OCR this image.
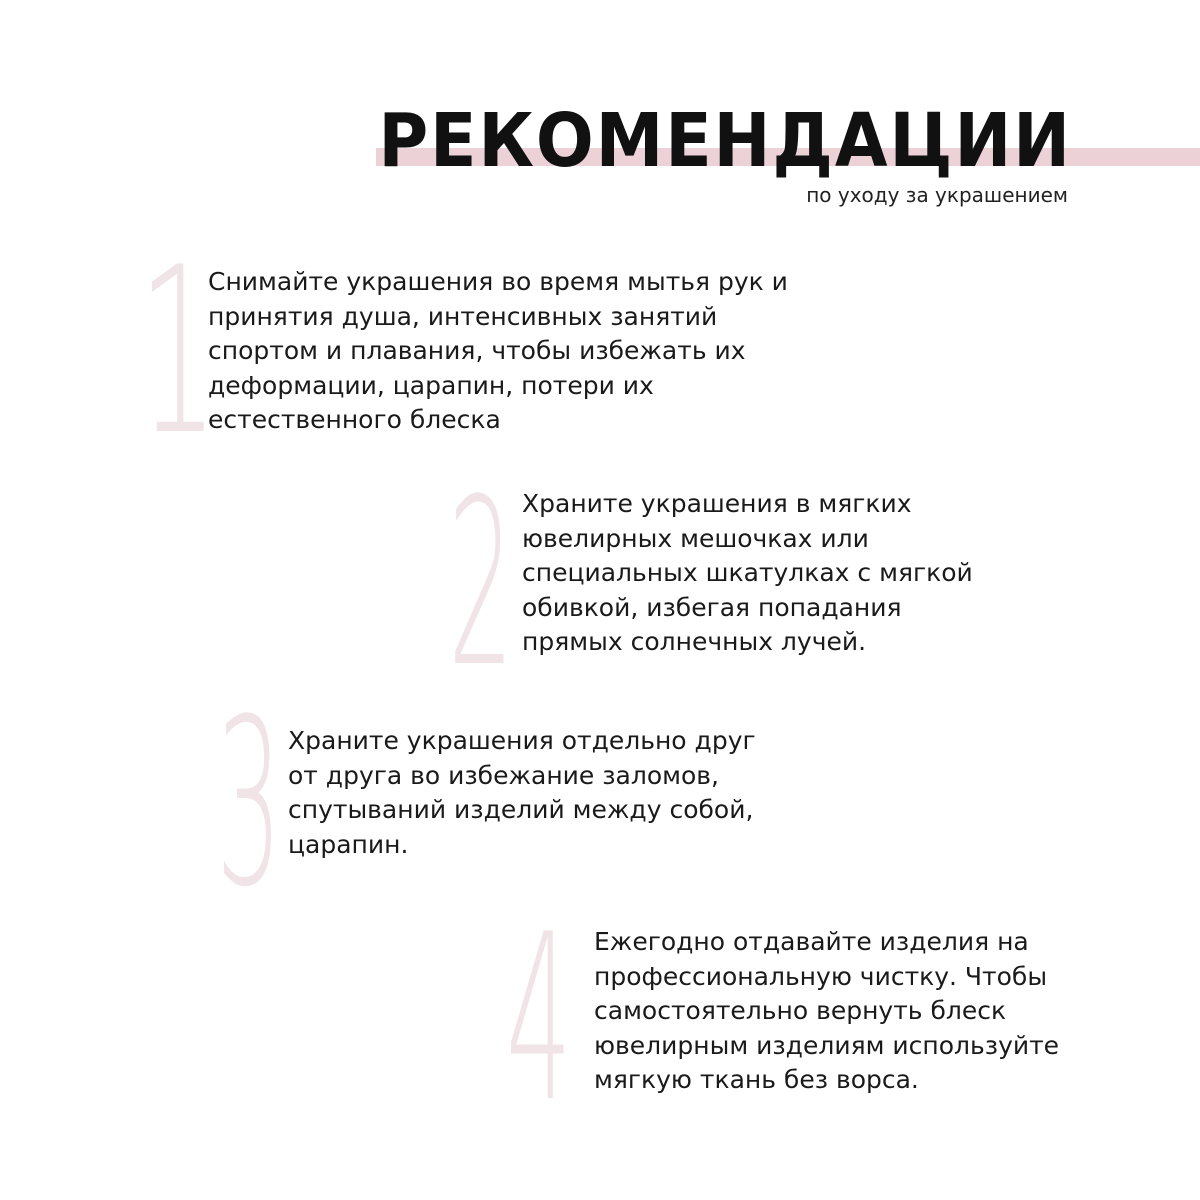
РЕКОМЕНДАЦИИ
по уходу за украшением
1
Снимайте украшения во время мытья рук и принятия душа, интенсивных занятий спортом и плавания, чтобы избежать их деформации, царапин, потери их естественного блеска
2 Храните украшения в мягких ювелирных мешочках или специальных шкатулках с мягкой обивкой, избегая попадания прямых солнечных лучей.
3 Храните украшения отдельно друг от друга во избежание заломов, спутываний изделий между собой, царапин.
4 Ежегодно отдавайте изделия на профессиональную чистку. Чтобы самостоятельно вернуть блеск ювелирным изделиям используйте мягкую ткань без ворса.
